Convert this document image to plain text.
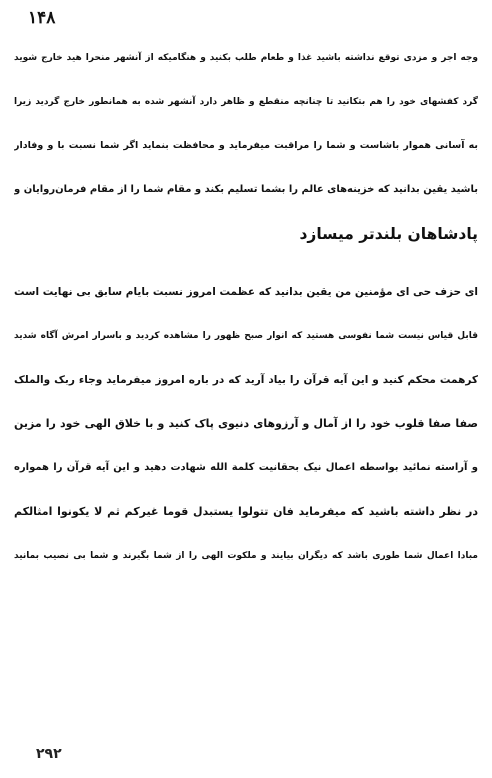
۱۴۸
وجه اجر و مزدی توقع نداشته باشید غذا و طعام طلب بکنید و هنگامیکه از آنشهر منحرا هید خارج شوید
گرد کفشهای خود را هم بتکانید تا چنانچه منقطع و ظاهر دارد آنشهر شده به همانطور خارج گردید زیرا
به آسانی هموار باشاست و شما را مراقبت میفرماید و محافظت بنماید اگر شما نسبت با و وفادار
باشید یقین بدانید که خزینه‌های عالم را بشما تسلیم بکند و مقام شما را از مقام فرمان‌روایان و
پادشاهان بلندتر میسازد
ای حزف حی ای مؤمنین من یقین بدانید که عظمت امروز نسبت بایام سابق بی نهایت است
قابل قیاس نیست شما نفوسی هستید که انوار صبح ظهور را مشاهده کردید و باسرار امرش آگاه شدید
کرهمت محکم کنید و این آیه قرآن را بیاد آرید که در باره امروز میفرماید وجاء ربک والملک
صفا صفا قلوب خود را از آمال و آرزوهای دنیوی پاک کنید و با خلاق الهی خود را مزین
و آراسته نمائید بواسطه اعمال نیک بحقانیت کلمة الله شهادت دهید و این آیه قرآن را همواره
در نظر داشته باشید که میفرماید فان تتولوا یستبدل قوما غیرکم ثم لا یکونوا امثالکم
مبادا اعمال شما طوری باشد که دیگران بیایند و ملکوت الهی را از شما بگیرند و شما بی نصیب بمانید
۲۹۲
